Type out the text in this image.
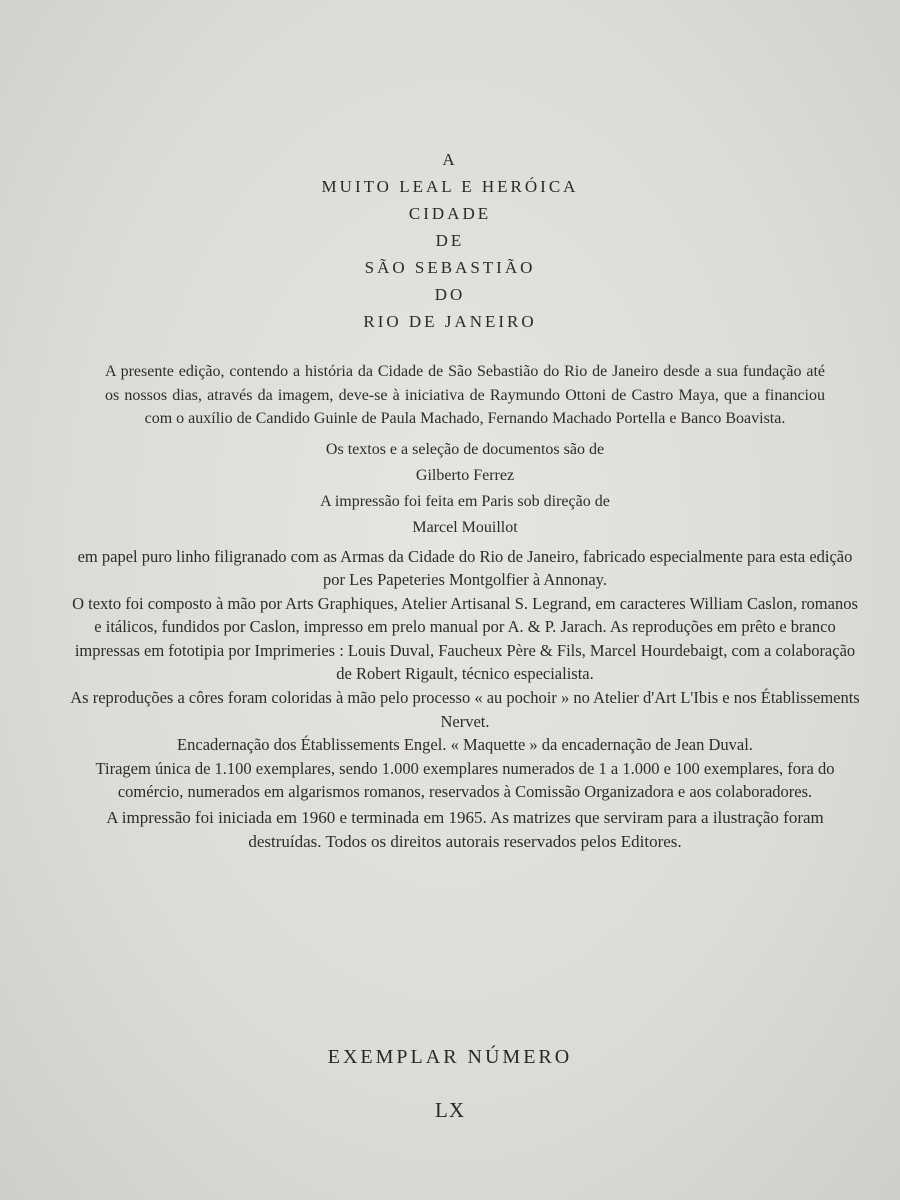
A
MUITO LEAL E HERÓICA
CIDADE
DE
SÃO SEBASTIÃO
DO
RIO DE JANEIRO

A presente edição, contendo a história da Cidade de São Sebastião do Rio de Janeiro desde a sua fundação até os nossos dias, através da imagem, deve-se à iniciativa de Raymundo Ottoni de Castro Maya, que a financiou com o auxílio de Candido Guinle de Paula Machado, Fernando Machado Portella e Banco Boavista.

Os textos e a seleção de documentos são de

Gilberto Ferrez

A impressão foi feita em Paris sob direção de

Marcel Mouillot

em papel puro linho filigranado com as Armas da Cidade do Rio de Janeiro, fabricado especialmente para esta edição por Les Papeteries Montgolfier à Annonay.

O texto foi composto à mão por Arts Graphiques, Atelier Artisanal S. Legrand, em caracteres William Caslon, romanos e itálicos, fundidos por Caslon, impresso em prelo manual por A. & P. Jarach. As reproduções em prêto e branco impressas em fototipia por Imprimeries : Louis Duval, Faucheux Père & Fils, Marcel Hourdebaigt, com a colaboração de Robert Rigault, técnico especialista.

As reproduções a côres foram coloridas à mão pelo processo « au pochoir » no Atelier d'Art L'Ibis e nos Établissements Nervet.

Encadernação dos Établissements Engel. « Maquette » da encadernação de Jean Duval.

Tiragem única de 1.100 exemplares, sendo 1.000 exemplares numerados de 1 a 1.000 e 100 exemplares, fora do comércio, numerados em algarismos romanos, reservados à Comissão Organizadora e aos colaboradores.

A impressão foi iniciada em 1960 e terminada em 1965. As matrizes que serviram para a ilustração foram destruídas. Todos os direitos autorais reservados pelos Editores.

EXEMPLAR NÚMERO
LX
